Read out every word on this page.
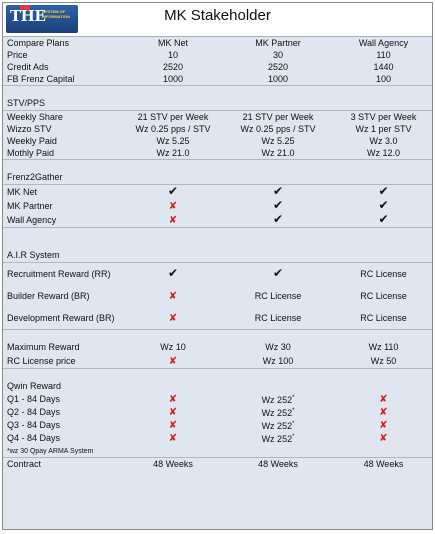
THE
SYSTEM OF INFORMATION	MK Stakeholder
Compare Plans	MK Net	MK Partner	Wall Agency
Price	10	30	110
Credit Ads	2520	2520	1440
FB Frenz Capital	1000	1000	100

STV/PPS			

Weekly Share	21 STV per Week	21 STV per Week	3 STV per Week
Wizzo STV	Wz 0.25 pps / STV	Wz 0.25 pps / STV	Wz 1 per STV
Weekly Paid	Wz 5.25	Wz 5.25	Wz 3.0
Mothly Paid	Wz 21.0	Wz 21.0	Wz 12.0

Frenz2Gather			

MK Net	✔	✔	✔
MK Partner	✘	✔	✔
Wall Agency	✘	✔	✔

A.I.R System			

Recruitment Reward (RR)	✔	✔	RC License
Builder Reward (BR)	✘	RC License	RC License
Development Reward (BR)	✘	RC License	RC License

Maximum Reward	Wz 10	Wz 30	Wz 110
RC License price	✘	Wz 100	Wz 50

Qwin Reward			
Q1 - 84 Days	✘	Wz 252*	✘
Q2 - 84 Days	✘	Wz 252*	✘
Q3 - 84 Days	✘	Wz 252*	✘
Q4 - 84 Days	✘	Wz 252*	✘
*wz 30 Qpay ARMA System			

Contract	48 Weeks	48 Weeks	48 Weeks
